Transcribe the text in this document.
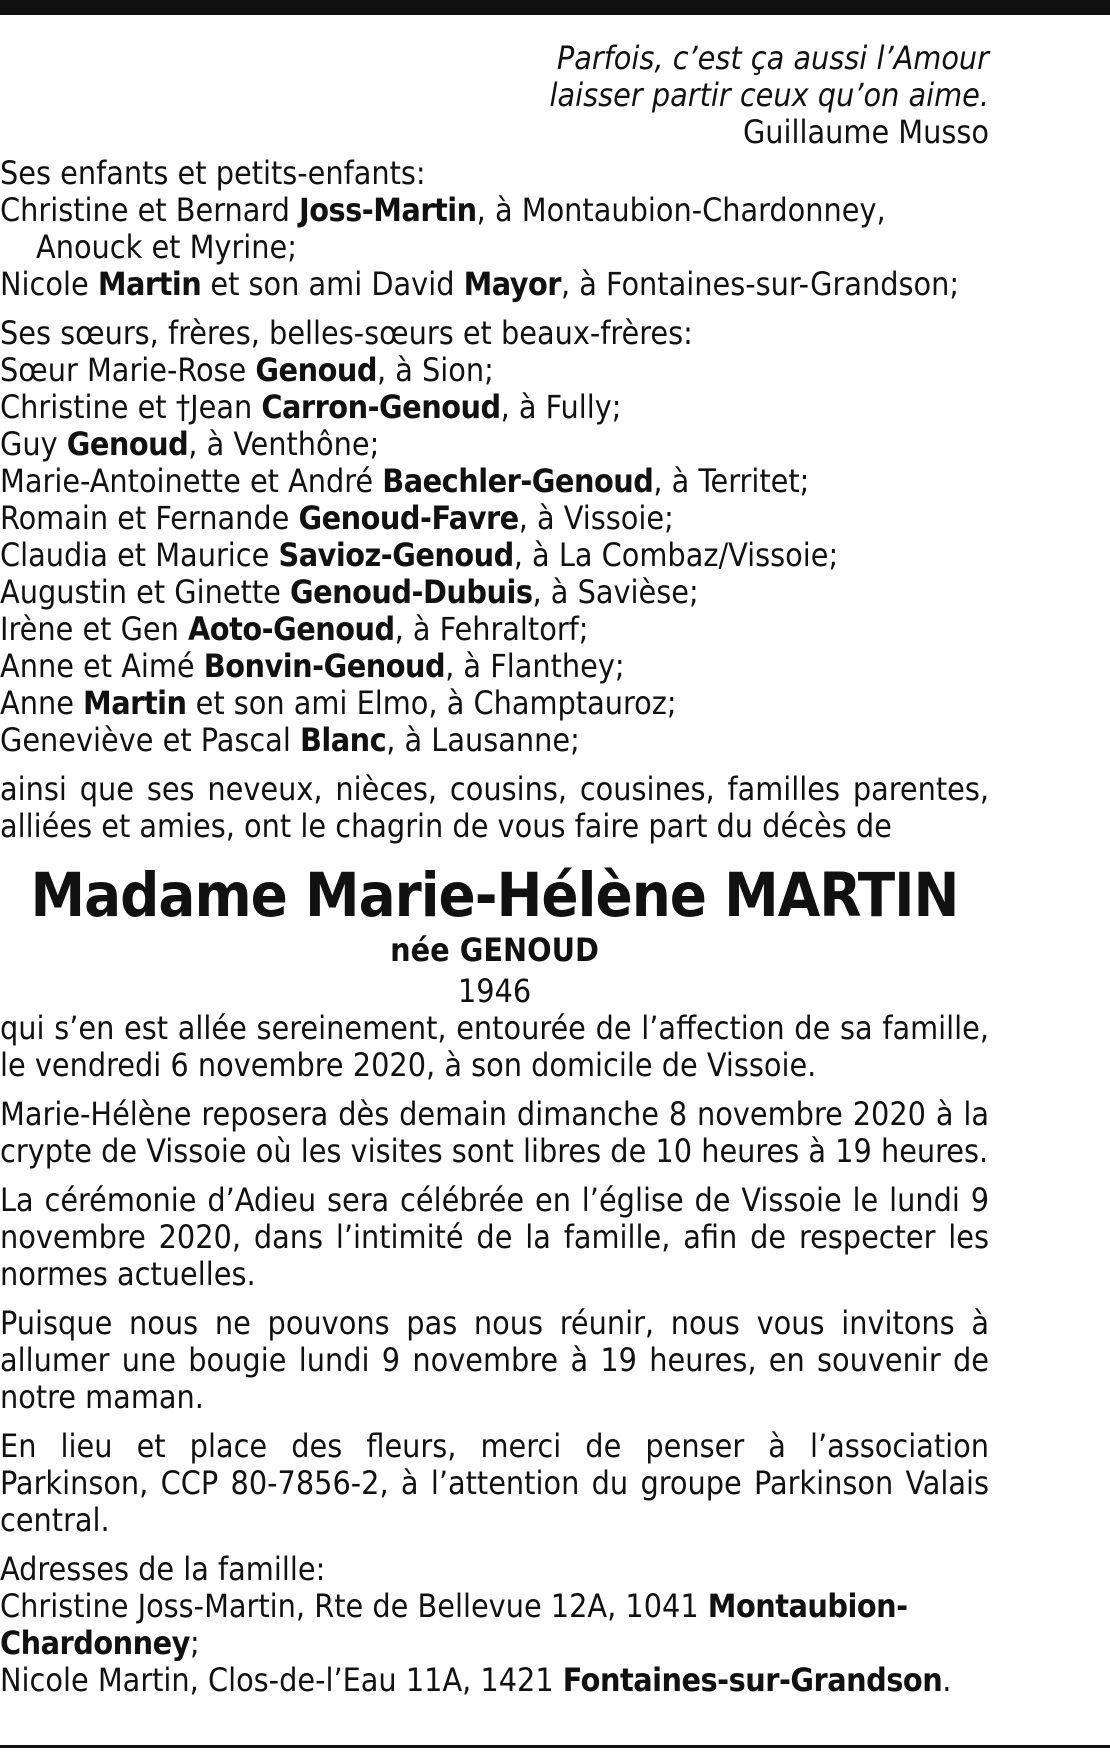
Parfois, c’est ça aussi l’Amour
laisser partir ceux qu’on aime.
Guillaume Musso
Ses enfants et petits-enfants:
Christine et Bernard Joss-Martin, à Montaubion-Chardonney,
Anouck et Myrine;
Nicole Martin et son ami David Mayor, à Fontaines-sur-Grandson;
Ses sœurs, frères, belles-sœurs et beaux-frères:
Sœur Marie-Rose Genoud, à Sion;
Christine et †Jean Carron-Genoud, à Fully;
Guy Genoud, à Venthône;
Marie-Antoinette et André Baechler-Genoud, à Territet;
Romain et Fernande Genoud-Favre, à Vissoie;
Claudia et Maurice Savioz-Genoud, à La Combaz/Vissoie;
Augustin et Ginette Genoud-Dubuis, à Savièse;
Irène et Gen Aoto-Genoud, à Fehraltorf;
Anne et Aimé Bonvin-Genoud, à Flanthey;
Anne Martin et son ami Elmo, à Champtauroz;
Geneviève et Pascal Blanc, à Lausanne;

ainsi que ses neveux, nièces, cousins, cousines, familles parentes, alliées et amies, ont le chagrin de vous faire part du décès de

Madame Marie-Hélène MARTIN
née GENOUD
1946

qui s’en est allée sereinement, entourée de l’affection de sa famille, le vendredi 6 novembre 2020, à son domicile de Vissoie.

Marie-Hélène reposera dès demain dimanche 8 novembre 2020 à la crypte de Vissoie où les visites sont libres de 10 heures à 19 heures.

La cérémonie d’Adieu sera célébrée en l’église de Vissoie le lundi 9 novembre 2020, dans l’intimité de la famille, afin de respecter les normes actuelles.

Puisque nous ne pouvons pas nous réunir, nous vous invitons à allumer une bougie lundi 9 novembre à 19 heures, en souvenir de notre maman.

En lieu et place des fleurs, merci de penser à l’association Parkinson, CCP 80-7856-2, à l’attention du groupe Parkinson Valais central.

Adresses de la famille:
Christine Joss-Martin, Rte de Bellevue 12A, 1041 Montaubion-Chardonney;
Nicole Martin, Clos-de-l’Eau 11A, 1421 Fontaines-sur-Grandson.
